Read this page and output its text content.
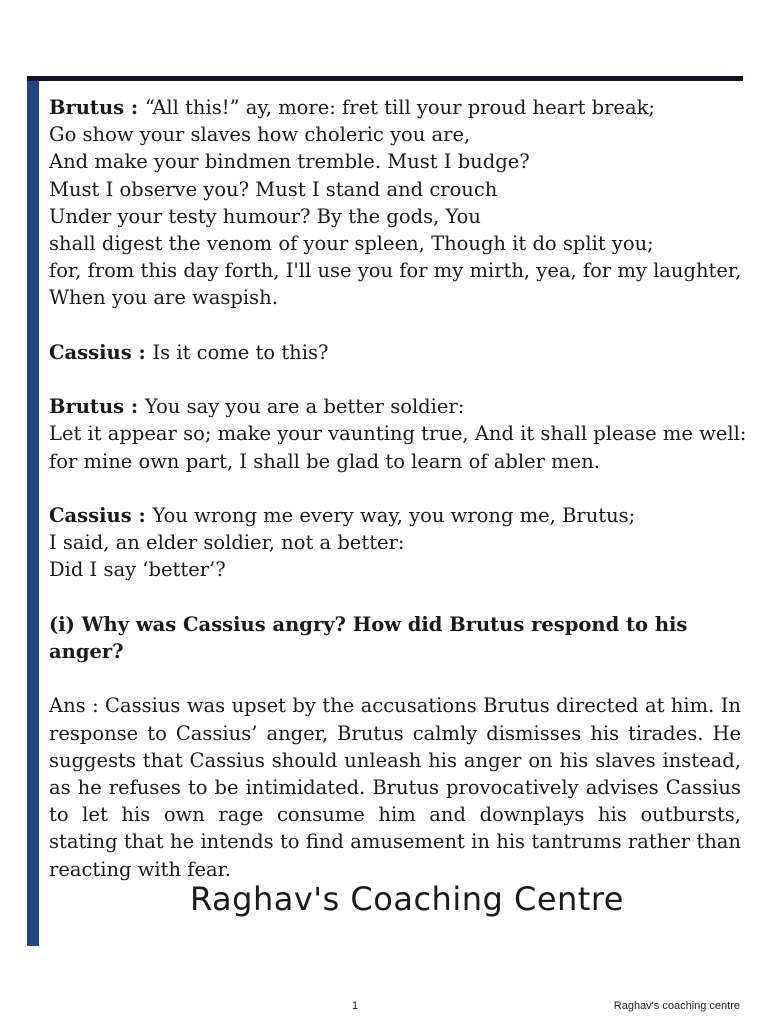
Brutus : “All this!” ay, more: fret till your proud heart break;
Go show your slaves how choleric you are,
And make your bindmen tremble. Must I budge?
Must I observe you? Must I stand and crouch
Under your testy humour? By the gods, You
shall digest the venom of your spleen, Though it do split you;
for, from this day forth, I'll use you for my mirth, yea, for my laughter,
When you are waspish.
Cassius : Is it come to this?
Brutus : You say you are a better soldier:
Let it appear so; make your vaunting true, And it shall please me well:
for mine own part, I shall be glad to learn of abler men.
Cassius : You wrong me every way, you wrong me, Brutus;
I said, an elder soldier, not a better:
Did I say ‘better’?
(i) Why was Cassius angry? How did Brutus respond to his anger?
Ans : Cassius was upset by the accusations Brutus directed at him. In response to Cassius’ anger, Brutus calmly dismisses his tirades. He suggests that Cassius should unleash his anger on his slaves instead, as he refuses to be intimidated. Brutus provocatively advises Cassius to let his own rage consume him and downplays his outbursts, stating that he intends to find amusement in his tantrums rather than reacting with fear.
Raghav's Coaching Centre
1	Raghav's coaching centre
